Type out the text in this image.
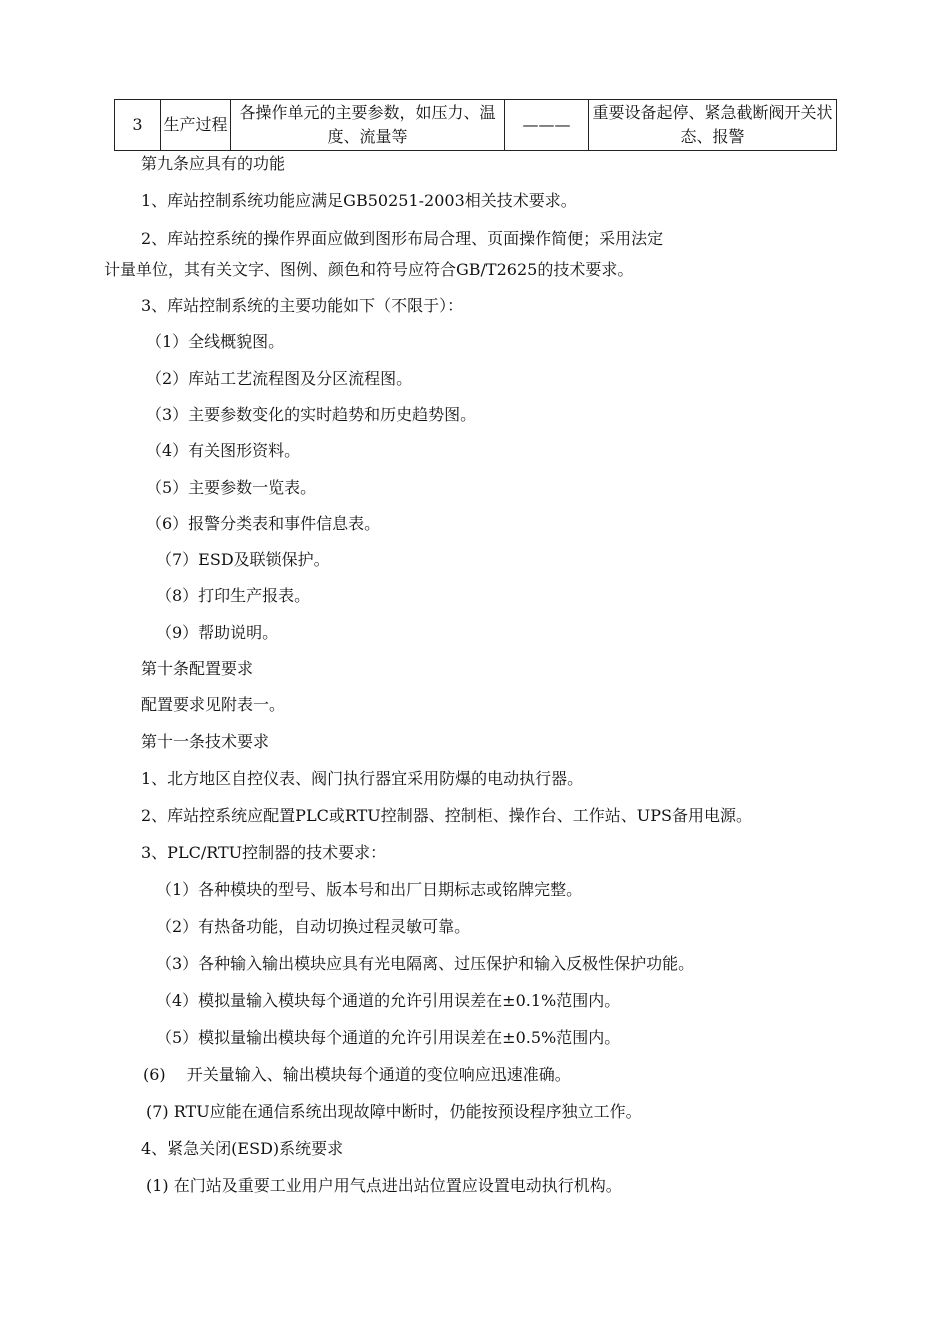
3	生产过程	各操作单元的主要参数，如压力、温度、流量等	———	重要设备起停、紧急截断阀开关状态、报警
第九条应具有的功能
1、库站控制系统功能应满足GB50251-2003相关技术要求。
2、库站控系统的操作界面应做到图形布局合理、页面操作简便；采用法定
计量单位，其有关文字、图例、颜色和符号应符合GB/T2625的技术要求。
3、库站控制系统的主要功能如下（不限于）：
（1）全线概貌图。
（2）库站工艺流程图及分区流程图。
（3）主要参数变化的实时趋势和历史趋势图。
（4）有关图形资料。
（5）主要参数一览表。
（6）报警分类表和事件信息表。
（7）ESD及联锁保护。
（8）打印生产报表。
（9）帮助说明。
第十条配置要求
配置要求见附表一。
第十一条技术要求
1、北方地区自控仪表、阀门执行器宜采用防爆的电动执行器。
2、库站控系统应配置PLC或RTU控制器、控制柜、操作台、工作站、UPS备用电源。
3、PLC/RTU控制器的技术要求：
（1）各种模块的型号、版本号和出厂日期标志或铭牌完整。
（2）有热备功能，自动切换过程灵敏可靠。
（3）各种输入输出模块应具有光电隔离、过压保护和输入反极性保护功能。
（4）模拟量输入模块每个通道的允许引用误差在±0.1%范围内。
（5）模拟量输出模块每个通道的允许引用误差在±0.5%范围内。
(6)　 开关量输入、输出模块每个通道的变位响应迅速准确。
(7) RTU应能在通信系统出现故障中断时，仍能按预设程序独立工作。
4、紧急关闭(ESD)系统要求
(1) 在门站及重要工业用户用气点进出站位置应设置电动执行机构。
